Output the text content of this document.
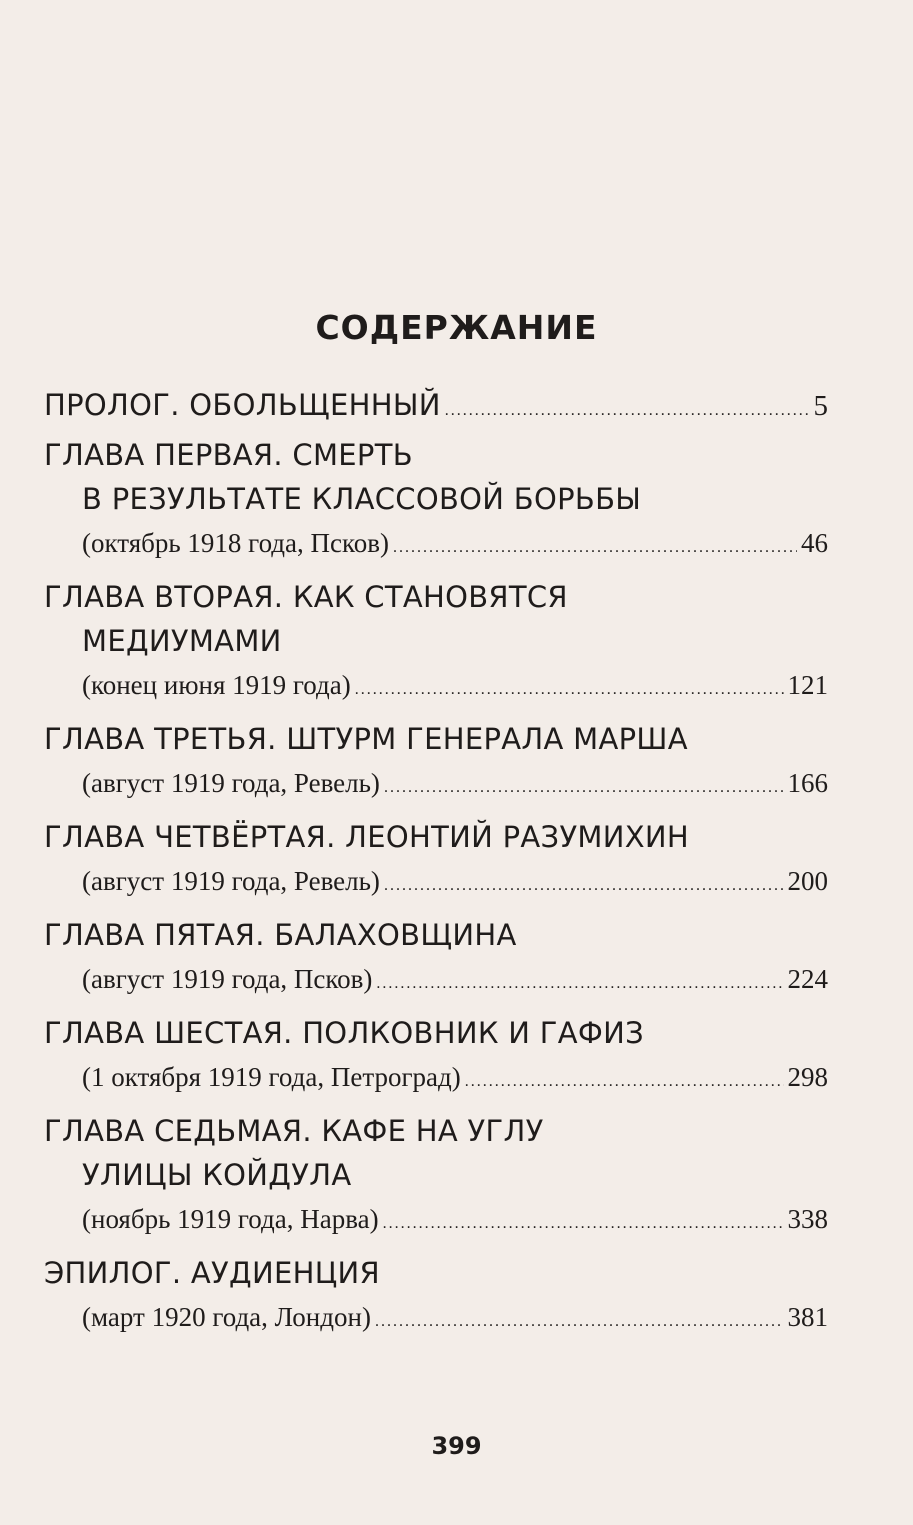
СОДЕРЖАНИЕ
ПРОЛОГ. ОБОЛЬЩЕННЫЙ .....	5
ГЛАВА ПЕРВАЯ. СМЕРТЬ
В РЕЗУЛЬТАТЕ КЛАССОВОЙ БОРЬБЫ
(октябрь 1918 года, Псков) .....	46
ГЛАВА ВТОРАЯ. КАК СТАНОВЯТСЯ
МЕДИУМАМИ
(конец июня 1919 года) .....	121
ГЛАВА ТРЕТЬЯ. ШТУРМ ГЕНЕРАЛА МАРША
(август 1919 года, Ревель) .....	166
ГЛАВА ЧЕТВЁРТАЯ. ЛЕОНТИЙ РАЗУМИХИН
(август 1919 года, Ревель) .....	200
ГЛАВА ПЯТАЯ. БАЛАХОВЩИНА
(август 1919 года, Псков) .....	224
ГЛАВА ШЕСТАЯ. ПОЛКОВНИК И ГАФИЗ
(1 октября 1919 года, Петроград) .....	298
ГЛАВА СЕДЬМАЯ. КАФЕ НА УГЛУ
УЛИЦЫ КОЙДУЛА
(ноябрь 1919 года, Нарва) .....	338
ЭПИЛОГ. АУДИЕНЦИЯ
(март 1920 года, Лондон) .....	381
399
